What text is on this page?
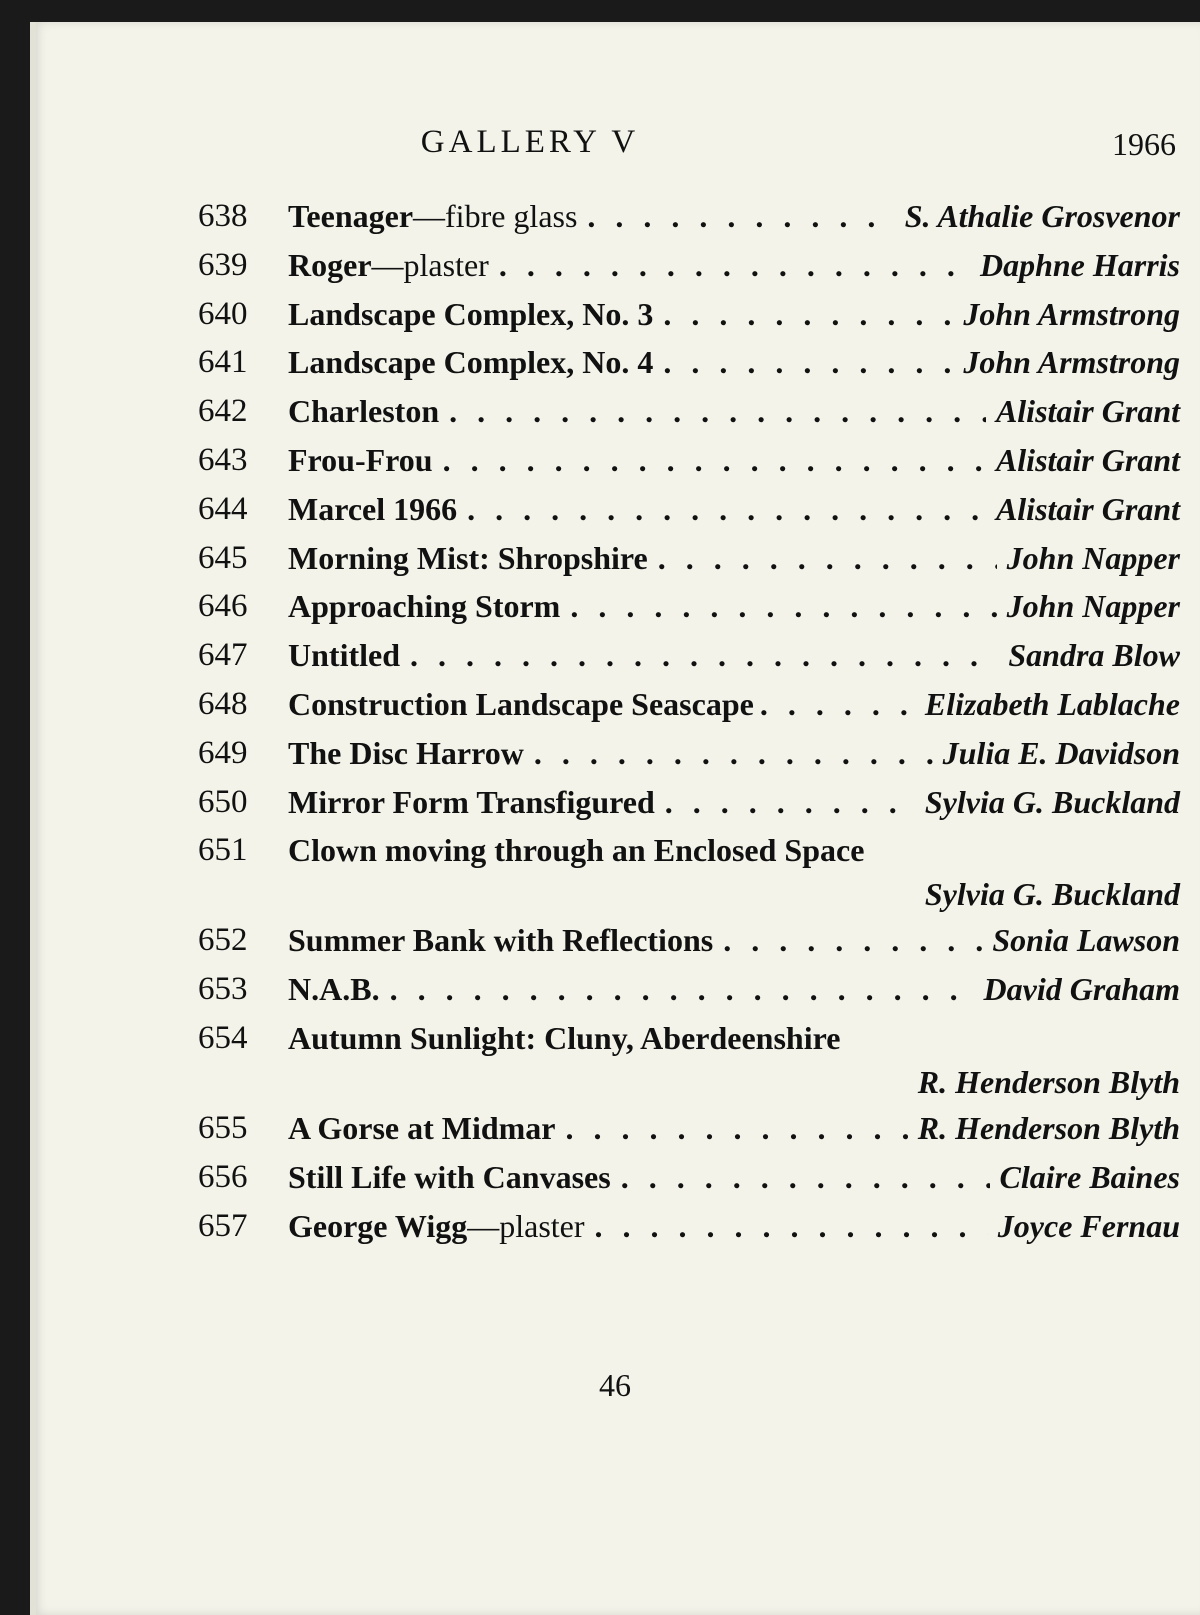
GALLERY V	1966
638 Teenager —fibre glass . . .	S. Athalie Grosvenor
639 Roger —plaster . . .	Daphne Harris
640 Landscape Complex, No. 3 . . .	John Armstrong
641 Landscape Complex, No. 4 . . .	John Armstrong
642 Charleston . . .	Alistair Grant
643 Frou-Frou . . .	Alistair Grant
644 Marcel 1966 . . .	Alistair Grant
645 Morning Mist: Shropshire . . .	John Napper
646 Approaching Storm . . .	John Napper
647 Untitled . . .	Sandra Blow
648 Construction Landscape Seascape . . .	Elizabeth Lablache
649 The Disc Harrow . . .	Julia E. Davidson
650 Mirror Form Transfigured . . .	Sylvia G. Buckland
651 Clown moving through an Enclosed Space
Sylvia G. Buckland
652 Summer Bank with Reflections . . .	Sonia Lawson
653 N.A.B. . . .	David Graham
654 Autumn Sunlight: Cluny, Aberdeenshire
R. Henderson Blyth
655 A Gorse at Midmar . . .	R. Henderson Blyth
656 Still Life with Canvases . . .	Claire Baines
657 George Wigg —plaster . . .	Joyce Fernau
46
